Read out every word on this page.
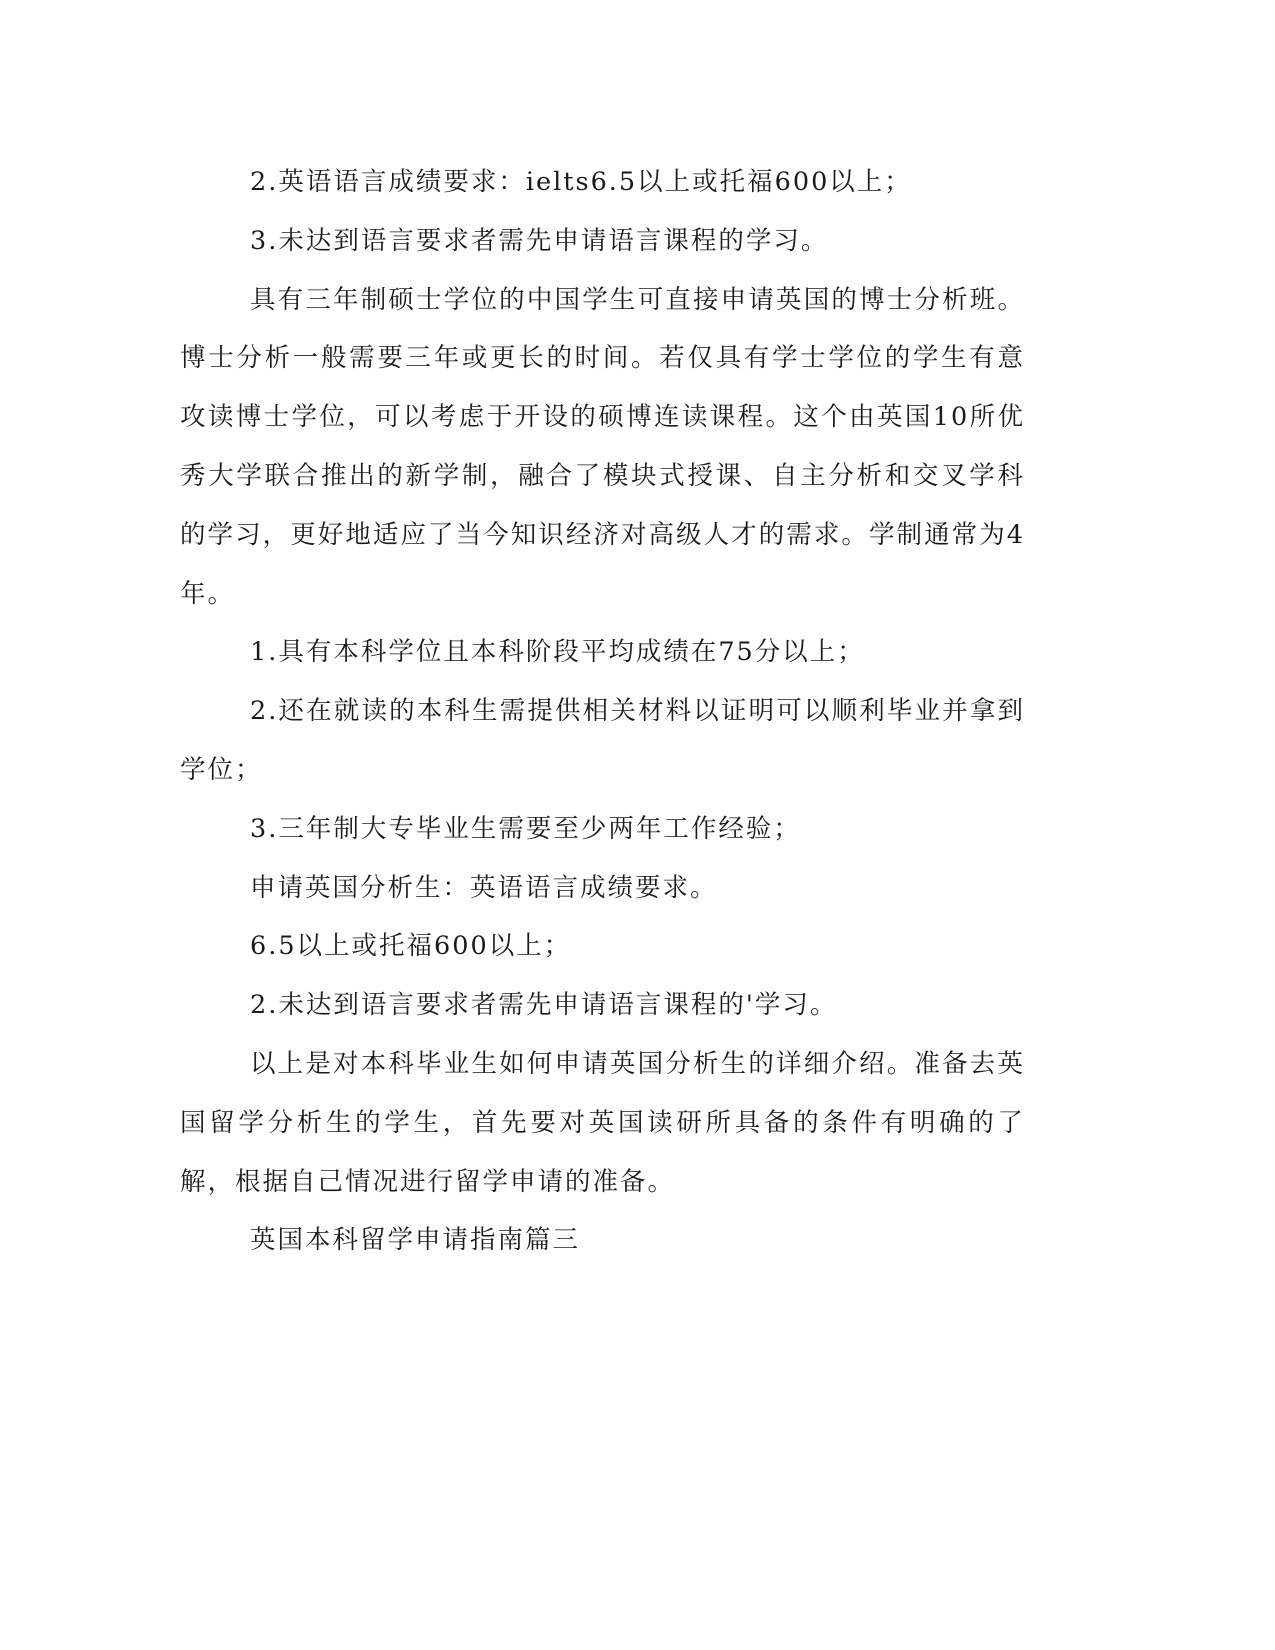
2.英语语言成绩要求：ielts6.5以上或托福600以上；

3.未达到语言要求者需先申请语言课程的学习。

具有三年制硕士学位的中国学生可直接申请英国的博士分析班。博士分析一般需要三年或更长的时间。若仅具有学士学位的学生有意攻读博士学位，可以考虑于开设的硕博连读课程。这个由英国10所优秀大学联合推出的新学制，融合了模块式授课、自主分析和交叉学科的学习，更好地适应了当今知识经济对高级人才的需求。学制通常为4年。

1.具有本科学位且本科阶段平均成绩在75分以上；

2.还在就读的本科生需提供相关材料以证明可以顺利毕业并拿到学位；

3.三年制大专毕业生需要至少两年工作经验；

申请英国分析生：英语语言成绩要求。

6.5以上或托福600以上；

2.未达到语言要求者需先申请语言课程的'学习。

以上是对本科毕业生如何申请英国分析生的详细介绍。准备去英国留学分析生的学生，首先要对英国读研所具备的条件有明确的了解，根据自己情况进行留学申请的准备。

英国本科留学申请指南篇三
